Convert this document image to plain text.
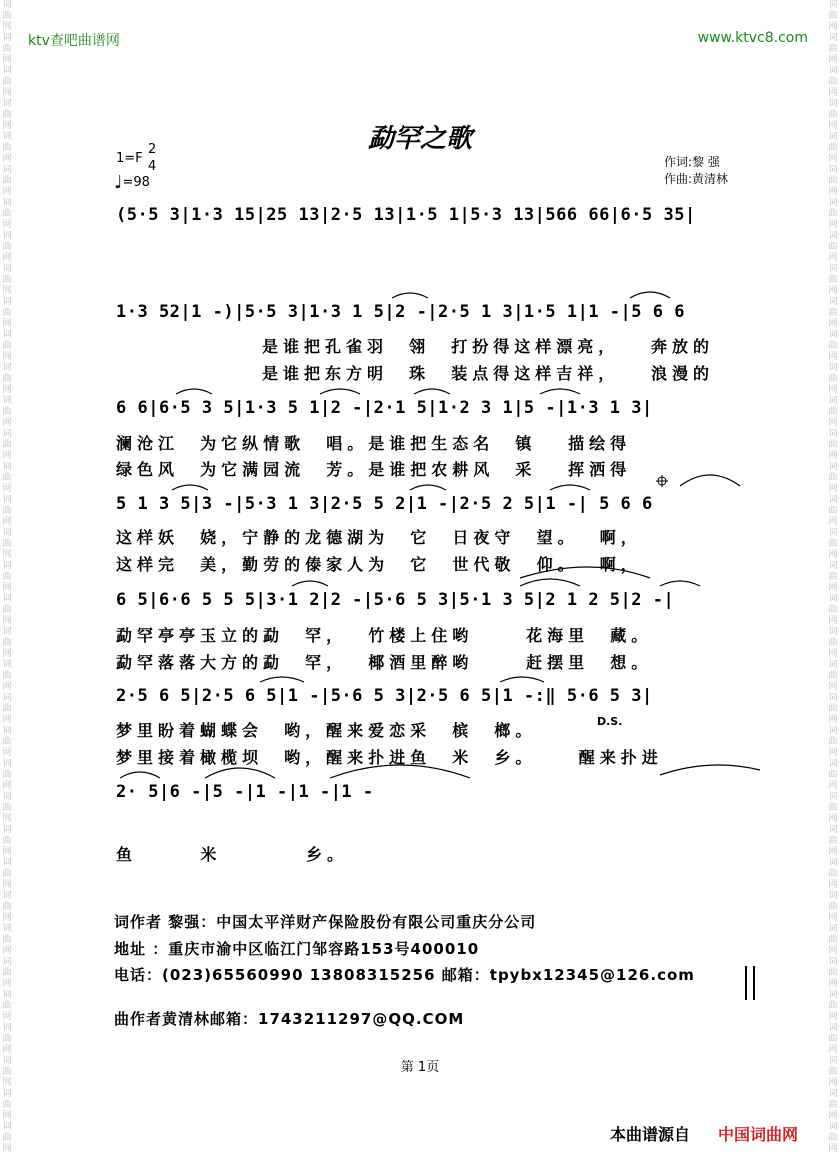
词
曲
网
词
曲
网
词
曲
网
词
曲
网
词
曲
网
词
曲
网
词
曲
网
词
曲
网
词
曲
网
词
曲
网
词
曲
网
词
曲
网
词
曲
网
词
曲
网
词
曲
网
词
曲
网
词
曲
网
词
曲
网
词
曲
网
词
曲
网
词
曲
网
词
曲
网
词
曲
网
词
曲
网
词
曲
网
词
曲
网
词
曲
网
词
曲
网
词
曲
网
词
曲
网
词
曲
网
词
曲
网
词
曲
网
词
曲
网
词
曲
网
词
曲
网
词
曲
网
词
曲
网
词
曲
网
词
曲
网
词
曲
网
词
曲
网
词
曲
网
词
曲
网
词
曲
网
词
曲
网
词
曲
网
词
曲
网
词
曲
网
词
曲
网
词
曲
网
词
曲
网
词
曲
网
词
曲
网
词
曲
网
词
曲
网
词
曲
网
词
曲
网
词
曲
网
词
曲
网
词
曲
网
词
曲
网
词
曲
网
词
曲
网
词
曲
网
词
曲
网
词
曲
网
词
曲
网
词
曲
网
词
曲
网
ktv查吧曲谱网	www.ktvc8.com
勐罕之歌
1=F
2
4
♩=98
作词:黎 强
作曲:黄清林
(5·5 3|1·3 15|25 13|2·5 13|1·5 1|5·3 13|566 66|6·5 35|
1·3 52|1 -)|5·5 3|1·3 1 5|2 -|2·5 1 3|1·5 1|1 -|5 6 6
是谁把孔雀羽  翎  打扮得这样漂亮，   奔放的
是谁把东方明  珠  装点得这样吉祥，   浪漫的
6 6|6·5 3 5|1·3 5 1|2 -|2·1 5|1·2 3 1|5 -|1·3 1 3|
澜沧江  为它纵情歌  唱。是谁把生态名  镇   描绘得
绿色风  为它满园流  芳。是谁把农耕风  采   挥洒得
5 1 3 5|3 -|5·3 1 3|2·5 5 2|1 -|2·5 2 5|1 -| 5 6 6
这样妖  娆，宁静的龙德湖为  它  日夜守  望。  啊，
这样完  美，勤劳的傣家人为  它  世代敬  仰。  啊，
6 5|6·6 5 5 5|3·1 2|2 -|5·6 5 3|5·1 3 5|2 1 2 5|2 -|
勐罕亭亭玉立的勐  罕，  竹楼上住哟     花海里  藏。
勐罕落落大方的勐  罕，  椰酒里醉哟     赶摆里  想。
2·5 6 5|2·5 6 5|1 -|5·6 5 3|2·5 6 5|1 -:‖ 5·6 5 3|
D.S.
梦里盼着蝴蝶会  哟，醒来爱恋采  槟  榔。
梦里接着橄榄坝  哟，醒来扑进鱼  米  乡。    醒来扑进
2· 5|6 -|5 -|1 -|1 -|1 -
鱼      米        乡。
词作者 黎强：中国太平洋财产保险股份有限公司重庆分公司
地址 ：重庆市渝中区临江门邹容路153号400010
电话：(023)65560990 13808315256 邮箱：tpybx12345@126.com
曲作者黄清林邮箱：1743211297@QQ.COM
第 1页
本曲谱源自 中国词曲网
